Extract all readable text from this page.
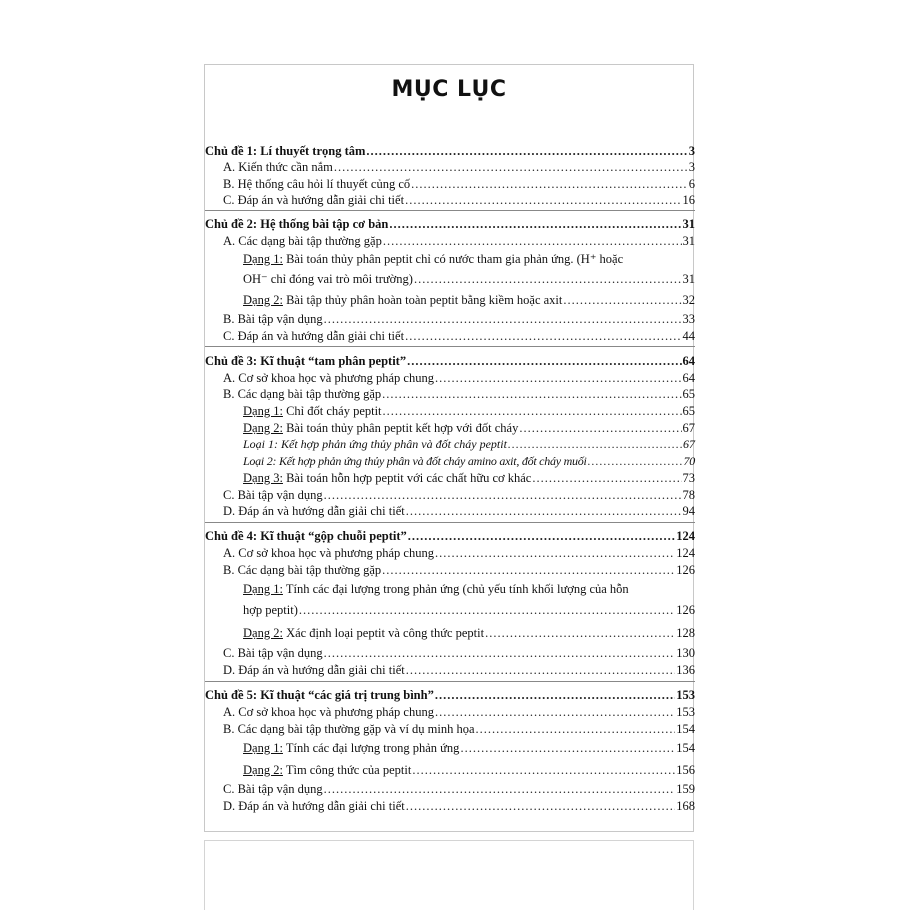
MỤC LỤC
Chủ đề 1: Lí thuyết trọng tâm .....	3
A. Kiến thức cần nắm .....	3
B. Hệ thống câu hỏi lí thuyết củng cố .....	6
C. Đáp án và hướng dẫn giải chi tiết .....	16
Chủ đề 2: Hệ thống bài tập cơ bản .....	31
A. Các dạng bài tập thường gặp .....	31
Dạng 1: Bài toán thủy phân peptit chỉ có nước tham gia phản ứng. (H⁺ hoặc
OH⁻ chỉ đóng vai trò môi trường) .....	31
Dạng 2: Bài tập thủy phân hoàn toàn peptit bằng kiềm hoặc axit .....	32
B. Bài tập vận dụng .....	33
C. Đáp án và hướng dẫn giải chi tiết .....	44
Chủ đề 3: Kĩ thuật “tam phân peptit” .....	64
A. Cơ sở khoa học và phương pháp chung .....	64
B. Các dạng bài tập thường gặp .....	65
Dạng 1: Chỉ đốt cháy peptit .....	65
Dạng 2: Bài toán thủy phân peptit kết hợp với đốt cháy .....	67
Loại 1: Kết hợp phản ứng thủy phân và đốt cháy peptit .....	67
Loại 2: Kết hợp phản ứng thủy phân và đốt cháy amino axit, đốt cháy muối .....	70
Dạng 3: Bài toán hỗn hợp peptit với các chất hữu cơ khác .....	73
C. Bài tập vận dụng .....	78
D. Đáp án và hướng dẫn giải chi tiết .....	94
Chủ đề 4: Kĩ thuật “gộp chuỗi peptit” .....	124
A. Cơ sở khoa học và phương pháp chung .....	124
B. Các dạng bài tập thường gặp .....	126
Dạng 1: Tính các đại lượng trong phản ứng (chủ yếu tính khối lượng của hỗn
hợp peptit) .....	126
Dạng 2: Xác định loại peptit và công thức peptit .....	128
C. Bài tập vận dụng .....	130
D. Đáp án và hướng dẫn giải chi tiết .....	136
Chủ đề 5: Kĩ thuật “các giá trị trung bình” .....	153
A. Cơ sở khoa học và phương pháp chung .....	153
B. Các dạng bài tập thường gặp và ví dụ minh họa .....	154
Dạng 1: Tính các đại lượng trong phản ứng .....	154
Dạng 2: Tìm công thức của peptit .....	156
C. Bài tập vận dụng .....	159
D. Đáp án và hướng dẫn giải chi tiết .....	168
